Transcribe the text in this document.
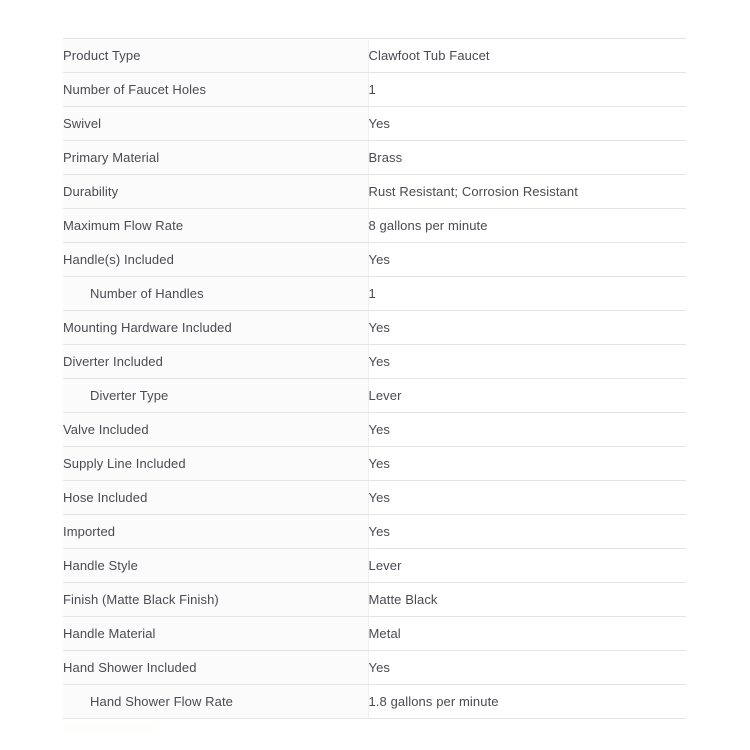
Product Type	Clawfoot Tub Faucet
Number of Faucet Holes	1
Swivel	Yes
Primary Material	Brass
Durability	Rust Resistant; Corrosion Resistant
Maximum Flow Rate	8 gallons per minute
Handle(s) Included	Yes
Number of Handles	1
Mounting Hardware Included	Yes
Diverter Included	Yes
Diverter Type	Lever
Valve Included	Yes
Supply Line Included	Yes
Hose Included	Yes
Imported	Yes
Handle Style	Lever
Finish (Matte Black Finish)	Matte Black
Handle Material	Metal
Hand Shower Included	Yes
Hand Shower Flow Rate	1.8 gallons per minute
